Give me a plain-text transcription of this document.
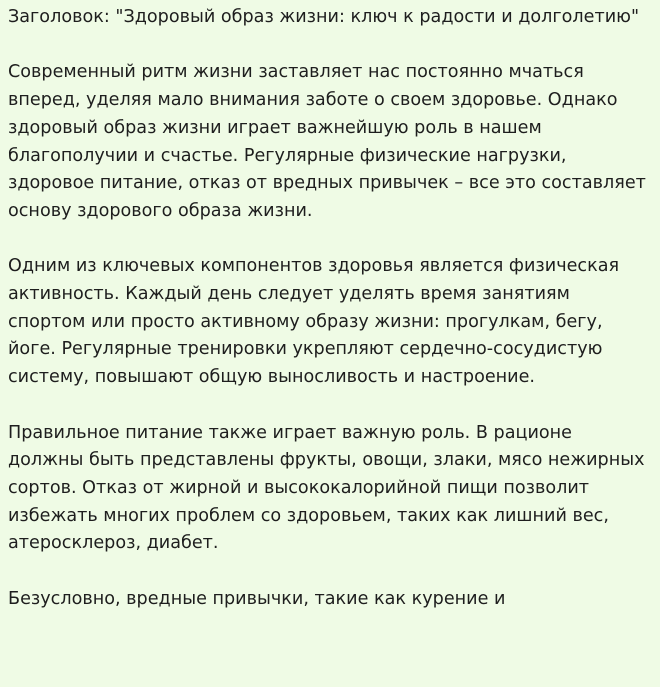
Заголовок: "Здоровый образ жизни: ключ к радости и долголетию"

Современный ритм жизни заставляет нас постоянно мчаться вперед, уделяя мало внимания заботе о своем здоровье. Однако здоровый образ жизни играет важнейшую роль в нашем благополучии и счастье. Регулярные физические нагрузки, здоровое питание, отказ от вредных привычек – все это составляет основу здорового образа жизни.

Одним из ключевых компонентов здоровья является физическая активность. Каждый день следует уделять время занятиям спортом или просто активному образу жизни: прогулкам, бегу, йоге. Регулярные тренировки укрепляют сердечно-сосудистую систему, повышают общую выносливость и настроение.

Правильное питание также играет важную роль. В рационе должны быть представлены фрукты, овощи, злаки, мясо нежирных сортов. Отказ от жирной и высококалорийной пищи позволит избежать многих проблем со здоровьем, таких как лишний вес, атеросклероз, диабет.

Безусловно, вредные привычки, такие как курение и
